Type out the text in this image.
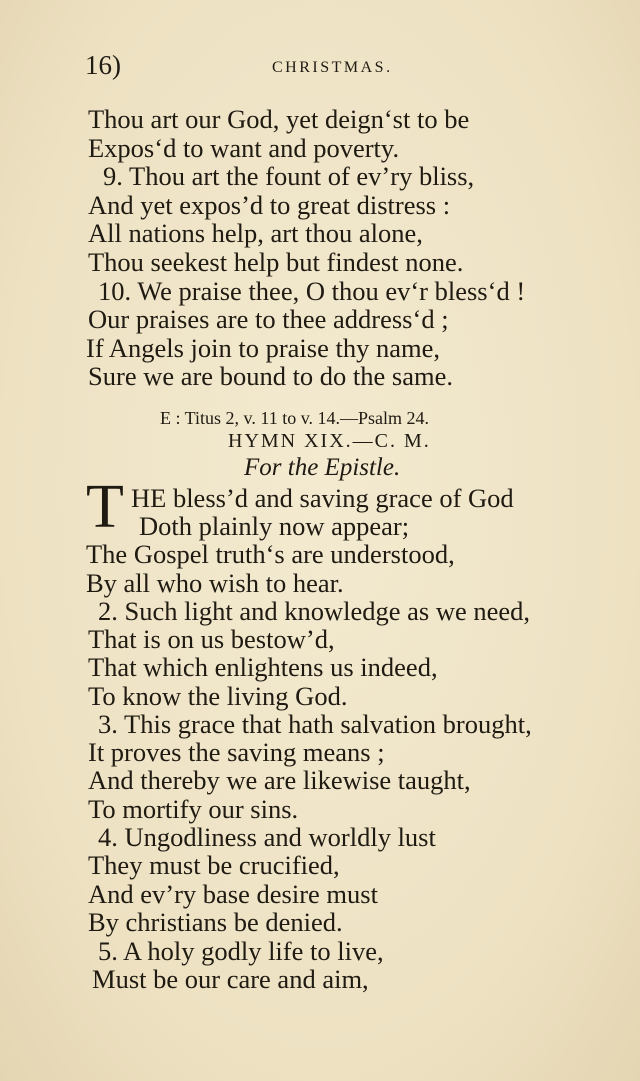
16)	CHRISTMAS.
Thou art our God, yet deign‘st to be
Expos‘d to want and poverty.
9. Thou art the fount of ev’ry bliss,
And yet expos’d to great distress :
All nations help, art thou alone,
Thou seekest help but findest none.
10. We praise thee, O thou ev‘r bless‘d !
Our praises are to thee address‘d ;
If Angels join to praise thy name,
Sure we are bound to do the same.
E : Titus 2, v. 11 to v. 14.—Psalm 24.
HYMN XIX.—C. M.
For the Epistle.
T HE bless’d and saving grace of God
Doth plainly now appear;
The Gospel truth‘s are understood,
By all who wish to hear.
2. Such light and knowledge as we need,
That is on us bestow’d,
That which enlightens us indeed,
To know the living God.
3. This grace that hath salvation brought,
It proves the saving means ;
And thereby we are likewise taught,
To mortify our sins.
4. Ungodliness and worldly lust
They must be crucified,
And ev’ry base desire must
By christians be denied.
5. A holy godly life to live,
Must be our care and aim,
